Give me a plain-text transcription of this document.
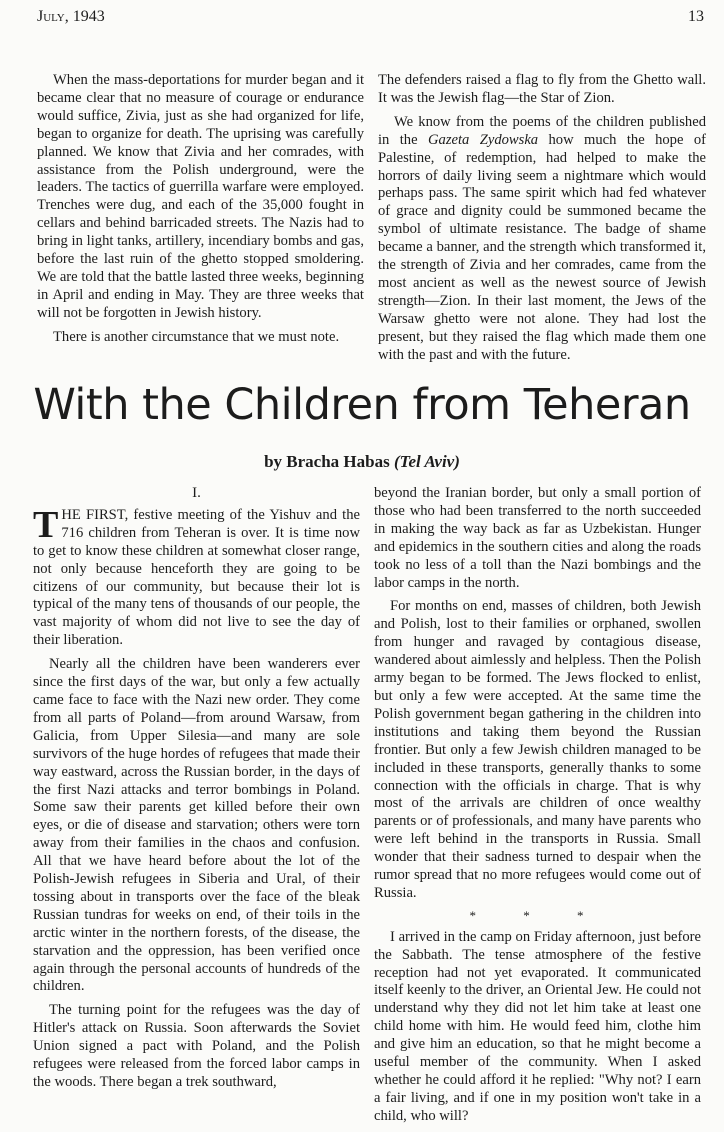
July, 1943	13

When the mass-deportations for murder began and it became clear that no measure of courage or endurance would suffice, Zivia, just as she had organized for life, began to organize for death. The uprising was carefully planned. We know that Zivia and her comrades, with assistance from the Polish underground, were the leaders. The tactics of guerrilla warfare were employed. Trenches were dug, and each of the 35,000 fought in cellars and behind barricaded streets. The Nazis had to bring in light tanks, artillery, incendiary bombs and gas, before the last ruin of the ghetto stopped smoldering. We are told that the battle lasted three weeks, beginning in April and ending in May. They are three weeks that will not be forgotten in Jewish history.

There is another circumstance that we must note.

The defenders raised a flag to fly from the Ghetto wall. It was the Jewish flag—the Star of Zion.

We know from the poems of the children published in the Gazeta Zydowska how much the hope of Palestine, of redemption, had helped to make the horrors of daily living seem a nightmare which would perhaps pass. The same spirit which had fed whatever of grace and dignity could be summoned became the symbol of ultimate resistance. The badge of shame became a banner, and the strength which transformed it, the strength of Zivia and her comrades, came from the most ancient as well as the newest source of Jewish strength—Zion. In their last moment, the Jews of the Warsaw ghetto were not alone. They had lost the present, but they raised the flag which made them one with the past and with the future.

With the Children from Teheran
by Bracha Habas (Tel Aviv)
I.

THE FIRST, festive meeting of the Yishuv and the 716 children from Teheran is over. It is time now to get to know these children at somewhat closer range, not only because henceforth they are going to be citizens of our community, but because their lot is typical of the many tens of thousands of our people, the vast majority of whom did not live to see the day of their liberation.

Nearly all the children have been wanderers ever since the first days of the war, but only a few actually came face to face with the Nazi new order. They come from all parts of Poland—from around Warsaw, from Galicia, from Upper Silesia—and many are sole survivors of the huge hordes of refugees that made their way eastward, across the Russian border, in the days of the first Nazi attacks and terror bombings in Poland. Some saw their parents get killed before their own eyes, or die of disease and starvation; others were torn away from their families in the chaos and confusion. All that we have heard before about the lot of the Polish-Jewish refugees in Siberia and Ural, of their tossing about in transports over the face of the bleak Russian tundras for weeks on end, of their toils in the arctic winter in the northern forests, of the disease, the starvation and the oppression, has been verified once again through the personal accounts of hundreds of the children.

The turning point for the refugees was the day of Hitler's attack on Russia. Soon afterwards the Soviet Union signed a pact with Poland, and the Polish refugees were released from the forced labor camps in the woods. There began a trek southward,

beyond the Iranian border, but only a small portion of those who had been transferred to the north succeeded in making the way back as far as Uzbekistan. Hunger and epidemics in the southern cities and along the roads took no less of a toll than the Nazi bombings and the labor camps in the north.

For months on end, masses of children, both Jewish and Polish, lost to their families or orphaned, swollen from hunger and ravaged by contagious disease, wandered about aimlessly and helpless. Then the Polish army began to be formed. The Jews flocked to enlist, but only a few were accepted. At the same time the Polish government began gathering in the children into institutions and taking them beyond the Russian frontier. But only a few Jewish children managed to be included in these transports, generally thanks to some connection with the officials in charge. That is why most of the arrivals are children of once wealthy parents or of professionals, and many have parents who were left behind in the transports in Russia. Small wonder that their sadness turned to despair when the rumor spread that no more refugees would come out of Russia.

* * *

I arrived in the camp on Friday afternoon, just before the Sabbath. The tense atmosphere of the festive reception had not yet evaporated. It communicated itself keenly to the driver, an Oriental Jew. He could not understand why they did not let him take at least one child home with him. He would feed him, clothe him and give him an education, so that he might become a useful member of the community. When I asked whether he could afford it he replied: "Why not? I earn a fair living, and if one in my position won't take in a child, who will?
